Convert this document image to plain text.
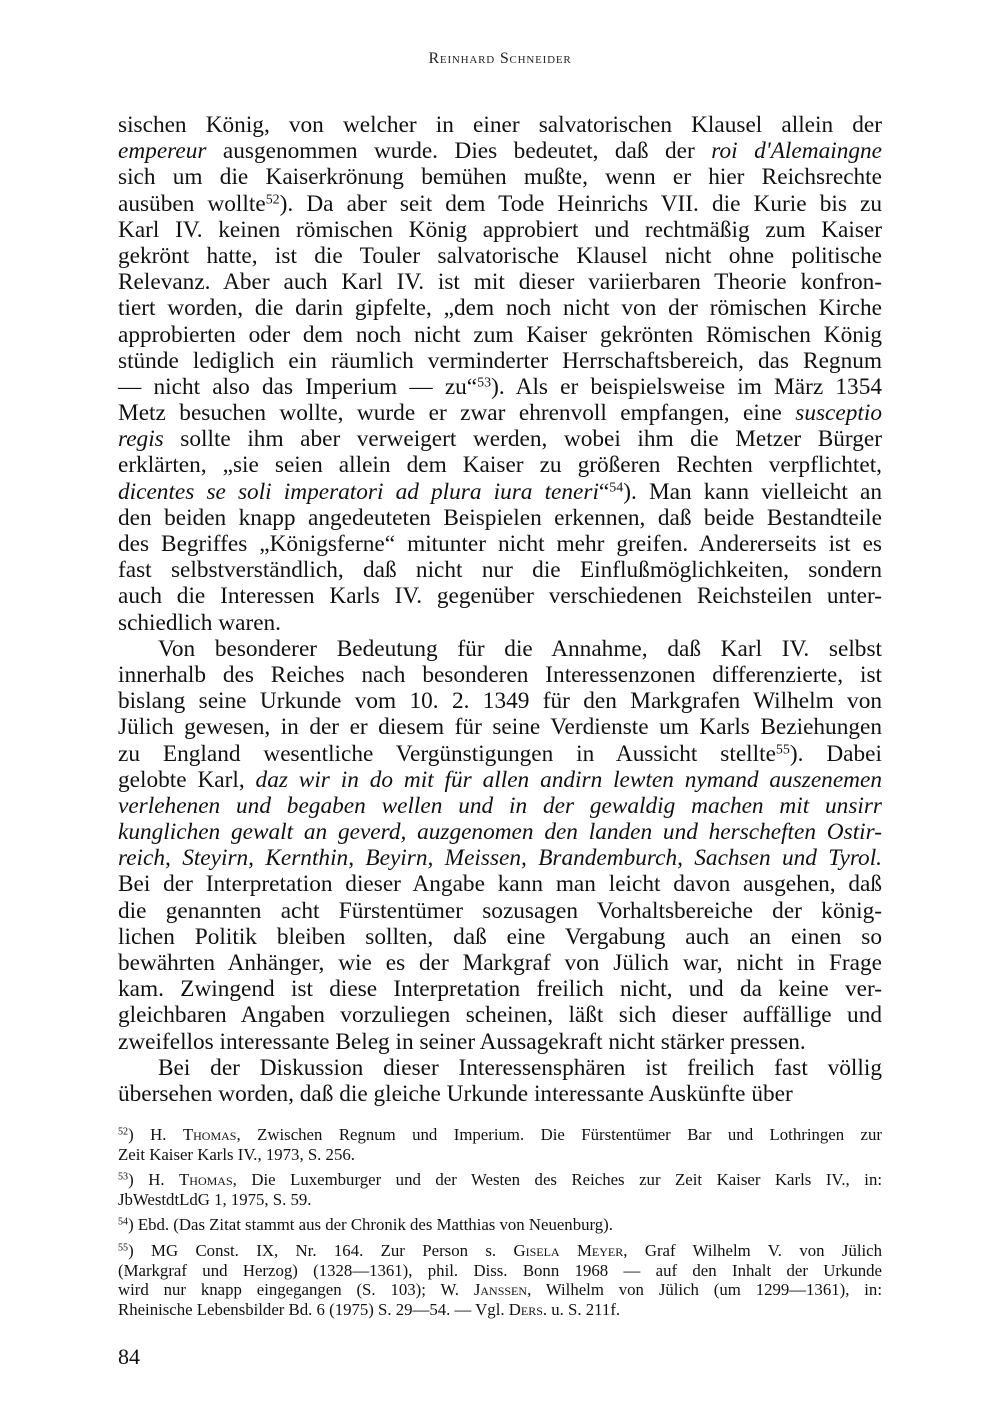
Reinhard Schneider
sischen König, von welcher in einer salvatorischen Klausel allein der
empereur ausgenommen wurde. Dies bedeutet, daß der roi d'Alemaingne
sich um die Kaiserkrönung bemühen mußte, wenn er hier Reichsrechte
ausüben wollte$^{52}$). Da aber seit dem Tode Heinrichs VII. die Kurie bis zu
Karl IV. keinen römischen König approbiert und rechtmäßig zum Kaiser
gekrönt hatte, ist die Touler salvatorische Klausel nicht ohne politische
Relevanz. Aber auch Karl IV. ist mit dieser variierbaren Theorie konfron-
tiert worden, die darin gipfelte, „dem noch nicht von der römischen Kirche
approbierten oder dem noch nicht zum Kaiser gekrönten Römischen König
stünde lediglich ein räumlich verminderter Herrschaftsbereich, das Regnum
— nicht also das Imperium — zu“$^{53}$). Als er beispielsweise im März 1354
Metz besuchen wollte, wurde er zwar ehrenvoll empfangen, eine susceptio
regis sollte ihm aber verweigert werden, wobei ihm die Metzer Bürger
erklärten, „sie seien allein dem Kaiser zu größeren Rechten verpflichtet,
dicentes se soli imperatori ad plura iura teneri“$^{54}$). Man kann vielleicht an
den beiden knapp angedeuteten Beispielen erkennen, daß beide Bestandteile
des Begriffes „Königsferne“ mitunter nicht mehr greifen. Andererseits ist es
fast selbstverständlich, daß nicht nur die Einflußmöglichkeiten, sondern
auch die Interessen Karls IV. gegenüber verschiedenen Reichsteilen unter-
schiedlich waren.
Von besonderer Bedeutung für die Annahme, daß Karl IV. selbst
innerhalb des Reiches nach besonderen Interessenzonen differenzierte, ist
bislang seine Urkunde vom 10. 2. 1349 für den Markgrafen Wilhelm von
Jülich gewesen, in der er diesem für seine Verdienste um Karls Beziehungen
zu England wesentliche Vergünstigungen in Aussicht stellte$^{55}$). Dabei
gelobte Karl, daz wir in do mit für allen andirn lewten nymand auszenemen
verlehenen und begaben wellen und in der gewaldig machen mit unsirr
kunglichen gewalt an geverd, auzgenomen den landen und herscheften Ostir-
reich, Steyirn, Kernthin, Beyirn, Meissen, Brandemburch, Sachsen und Tyrol.
Bei der Interpretation dieser Angabe kann man leicht davon ausgehen, daß
die genannten acht Fürstentümer sozusagen Vorhaltsbereiche der könig-
lichen Politik bleiben sollten, daß eine Vergabung auch an einen so
bewährten Anhänger, wie es der Markgraf von Jülich war, nicht in Frage
kam. Zwingend ist diese Interpretation freilich nicht, und da keine ver-
gleichbaren Angaben vorzuliegen scheinen, läßt sich dieser auffällige und
zweifellos interessante Beleg in seiner Aussagekraft nicht stärker pressen.
Bei der Diskussion dieser Interessensphären ist freilich fast völlig
übersehen worden, daß die gleiche Urkunde interessante Auskünfte über
$^{52}$) H. Thomas, Zwischen Regnum und Imperium. Die Fürstentümer Bar und Lothringen zur
Zeit Kaiser Karls IV., 1973, S. 256.
$^{53}$) H. Thomas, Die Luxemburger und der Westen des Reiches zur Zeit Kaiser Karls IV., in:
JbWestdtLdG 1, 1975, S. 59.
$^{54}$) Ebd. (Das Zitat stammt aus der Chronik des Matthias von Neuenburg).
$^{55}$) MG Const. IX, Nr. 164. Zur Person s. Gisela Meyer, Graf Wilhelm V. von Jülich
(Markgraf und Herzog) (1328—1361), phil. Diss. Bonn 1968 — auf den Inhalt der Urkunde
wird nur knapp eingegangen (S. 103); W. Janssen, Wilhelm von Jülich (um 1299—1361), in:
Rheinische Lebensbilder Bd. 6 (1975) S. 29—54. — Vgl. Ders. u. S. 211f.
84
